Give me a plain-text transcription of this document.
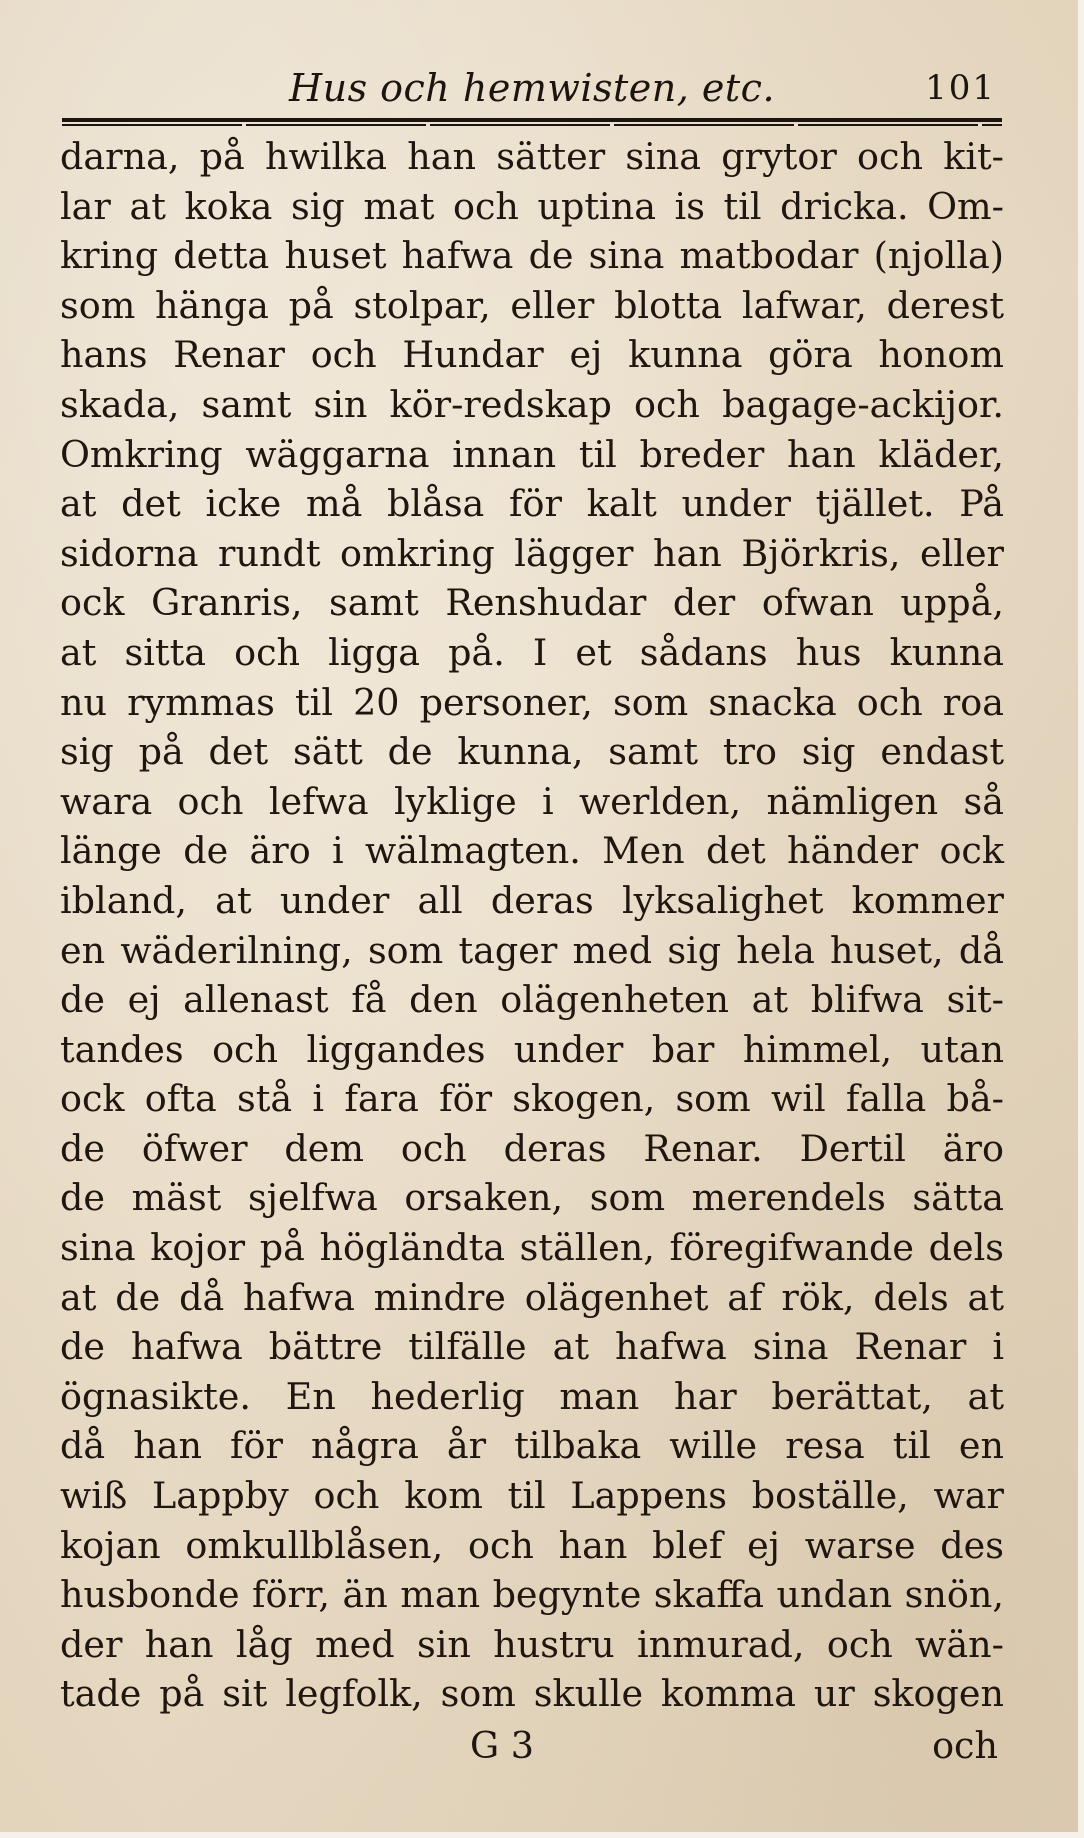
Hus och hemwisten, etc.	101
darna, på hwilka han sätter sina grytor och kit-
lar at koka sig mat och uptina is til dricka. Om-
kring detta huset hafwa de sina matbodar (njolla)
som hänga på stolpar, eller blotta lafwar, derest
hans Renar och Hundar ej kunna göra honom
skada, samt sin kör-redskap och bagage-ackijor.
Omkring wäggarna innan til breder han kläder,
at det icke må blåsa för kalt under tjället. På
sidorna rundt omkring lägger han Björkris, eller
ock Granris, samt Renshudar der ofwan uppå,
at sitta och ligga på. I et sådans hus kunna
nu rymmas til 20 personer, som snacka och roa
sig på det sätt de kunna, samt tro sig endast
wara och lefwa lyklige i werlden, nämligen så
länge de äro i wälmagten. Men det händer ock
ibland, at under all deras lyksalighet kommer
en wäderilning, som tager med sig hela huset, då
de ej allenast få den olägenheten at blifwa sit-
tandes och liggandes under bar himmel, utan
ock ofta stå i fara för skogen, som wil falla bå-
de öfwer dem och deras Renar. Dertil äro
de mäst sjelfwa orsaken, som merendels sätta
sina kojor på högländta ställen, föregifwande dels
at de då hafwa mindre olägenhet af rök, dels at
de hafwa bättre tilfälle at hafwa sina Renar i
ögnasikte. En hederlig man har berättat, at
då han för några år tilbaka wille resa til en
wiß Lappby och kom til Lappens boställe, war
kojan omkullblåsen, och han blef ej warse des
husbonde förr, än man begynte skaffa undan snön,
der han låg med sin hustru inmurad, och wän-
tade på sit legfolk, som skulle komma ur skogen
G 3	och
